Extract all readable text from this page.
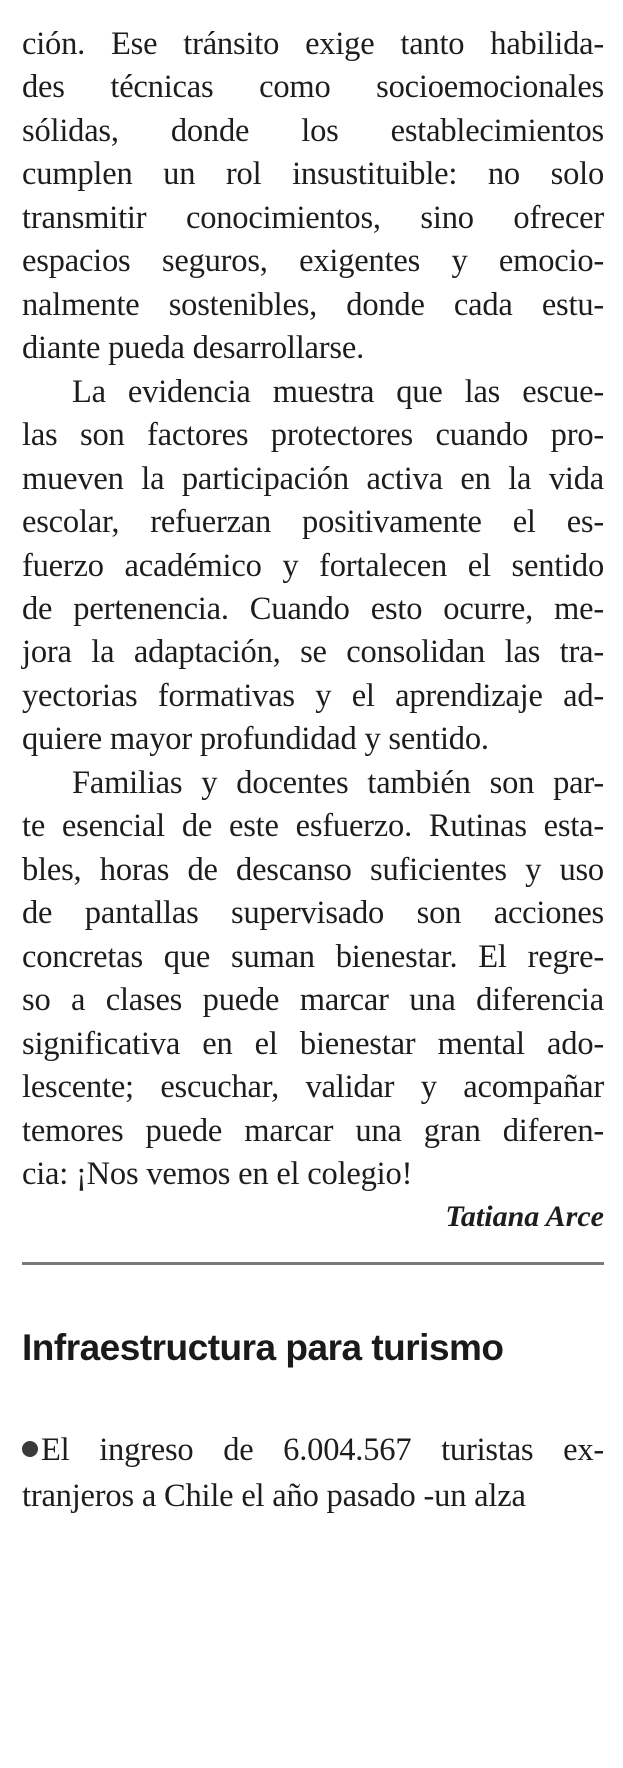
ción. Ese tránsito exige tanto habilida-
des técnicas como socioemocionales
sólidas, donde los establecimientos
cumplen un rol insustituible: no solo
transmitir conocimientos, sino ofrecer
espacios seguros, exigentes y emocio-
nalmente sostenibles, donde cada estu-
diante pueda desarrollarse.
La evidencia muestra que las escue-
las son factores protectores cuando pro-
mueven la participación activa en la vida
escolar, refuerzan positivamente el es-
fuerzo académico y fortalecen el sentido
de pertenencia. Cuando esto ocurre, me-
jora la adaptación, se consolidan las tra-
yectorias formativas y el aprendizaje ad-
quiere mayor profundidad y sentido.
Familias y docentes también son par-
te esencial de este esfuerzo. Rutinas esta-
bles, horas de descanso suficientes y uso
de pantallas supervisado son acciones
concretas que suman bienestar. El regre-
so a clases puede marcar una diferencia
significativa en el bienestar mental ado-
lescente; escuchar, validar y acompañar
temores puede marcar una gran diferen-
cia: ¡Nos vemos en el colegio!
Tatiana Arce
Infraestructura para turismo
El ingreso de 6.004.567 turistas ex-
tranjeros a Chile el año pasado -un alza
